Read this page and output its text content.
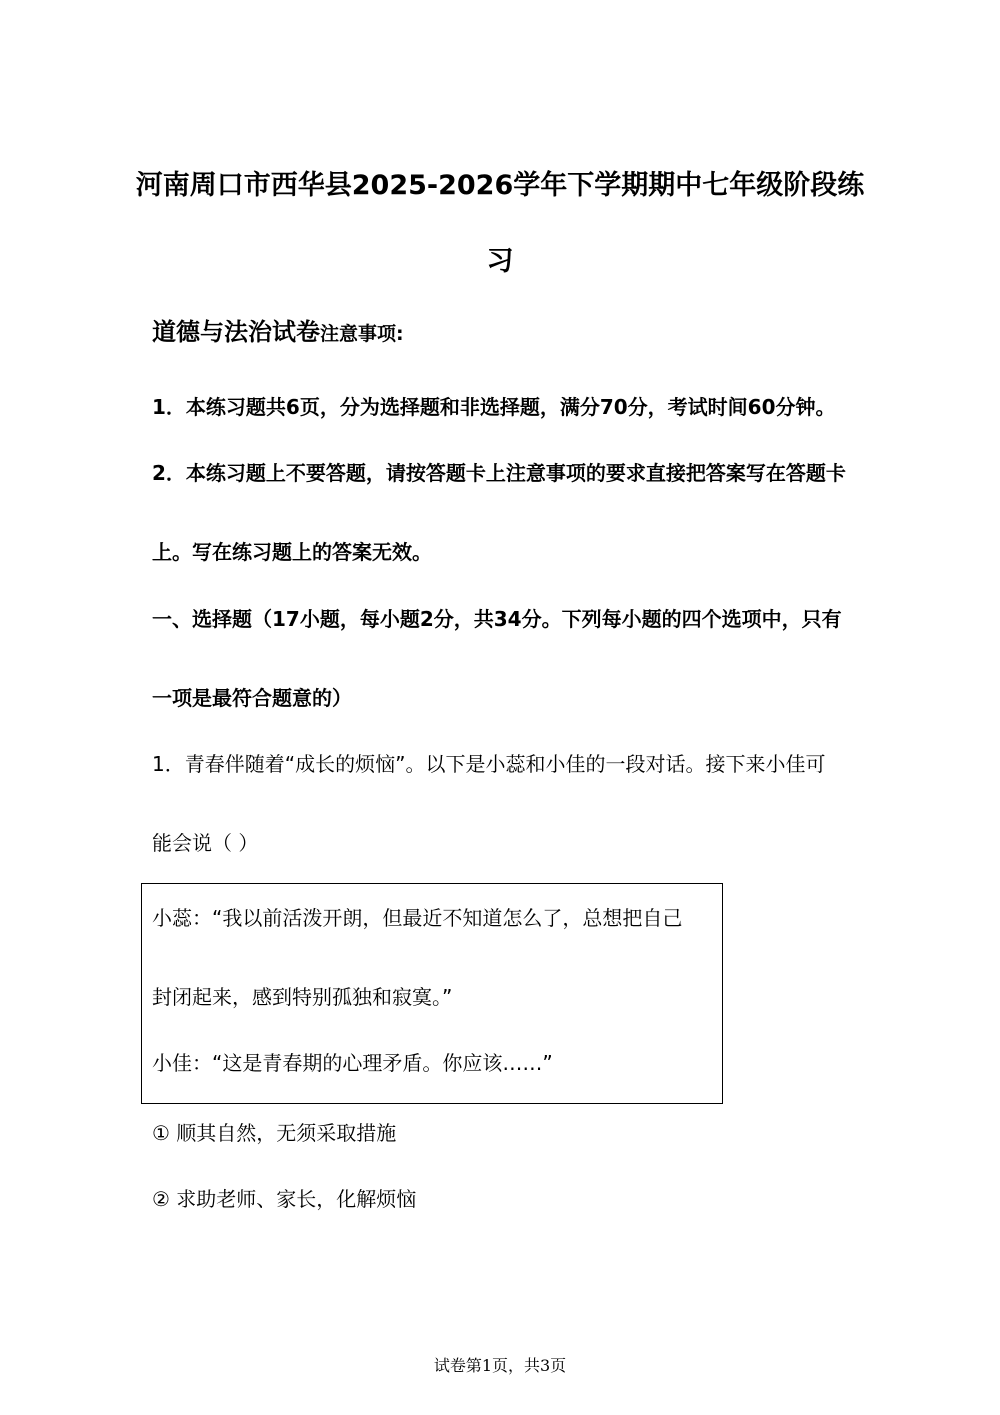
河南周口市西华县2025-2026学年下学期期中七年级阶段练
习
道德与法治试卷注意事项:
1．本练习题共6页，分为选择题和非选择题，满分70分，考试时间60分钟。
2．本练习题上不要答题，请按答题卡上注意事项的要求直接把答案写在答题卡
上。写在练习题上的答案无效。
一、选择题（17小题，每小题2分，共34分。下列每小题的四个选项中，只有
一项是最符合题意的）
1．青春伴随着“成长的烦恼”。以下是小蕊和小佳的一段对话。接下来小佳可
能会说（ ）
小蕊：“我以前活泼开朗，但最近不知道怎么了，总想把自己
封闭起来，感到特别孤独和寂寞。”
小佳：“这是青春期的心理矛盾。你应该……”
① 顺其自然，无须采取措施
② 求助老师、家长，化解烦恼
试卷第1页，共3页
